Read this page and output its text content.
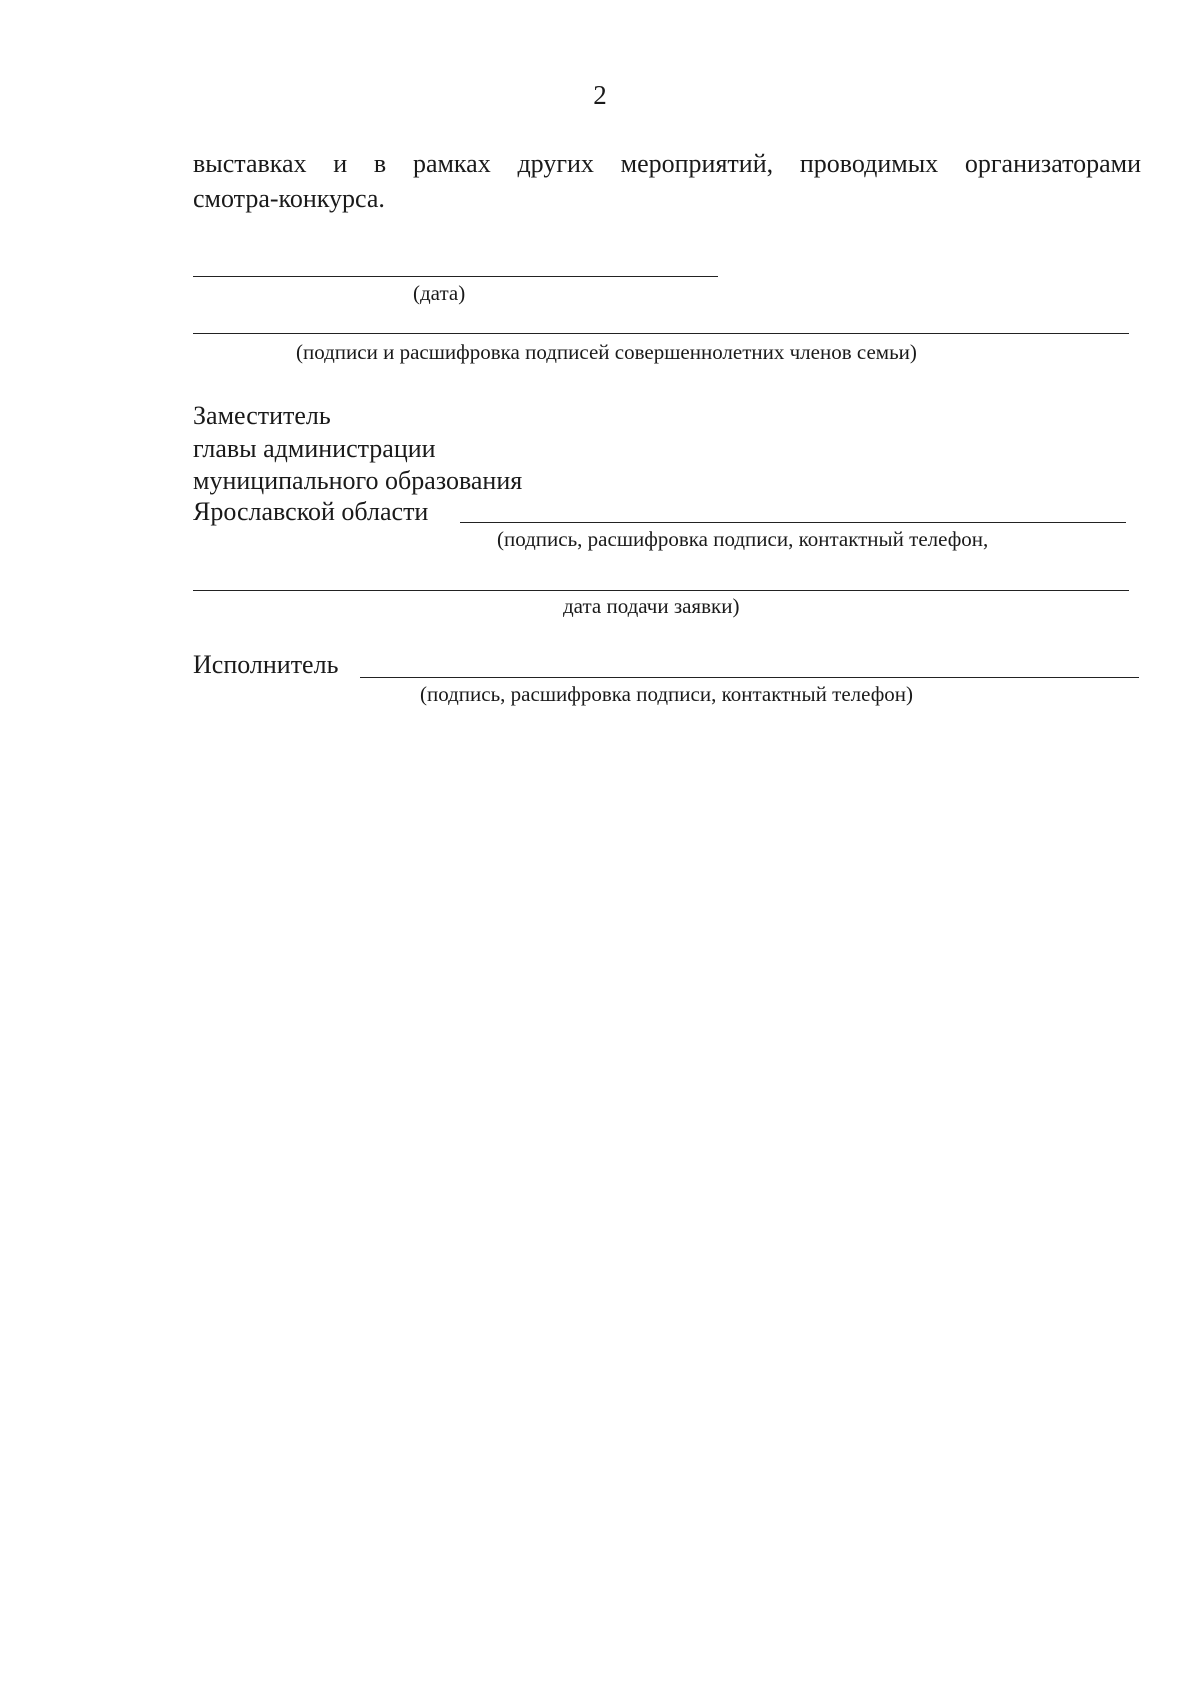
2
выставках и в рамках других мероприятий, проводимых организаторами
смотра-конкурса.
(дата)
(подписи и расшифровка подписей совершеннолетних членов семьи)
Заместитель
главы администрации
муниципального образования
Ярославской области
(подпись, расшифровка подписи, контактный телефон,
дата подачи заявки)
Исполнитель
(подпись, расшифровка подписи, контактный телефон)
